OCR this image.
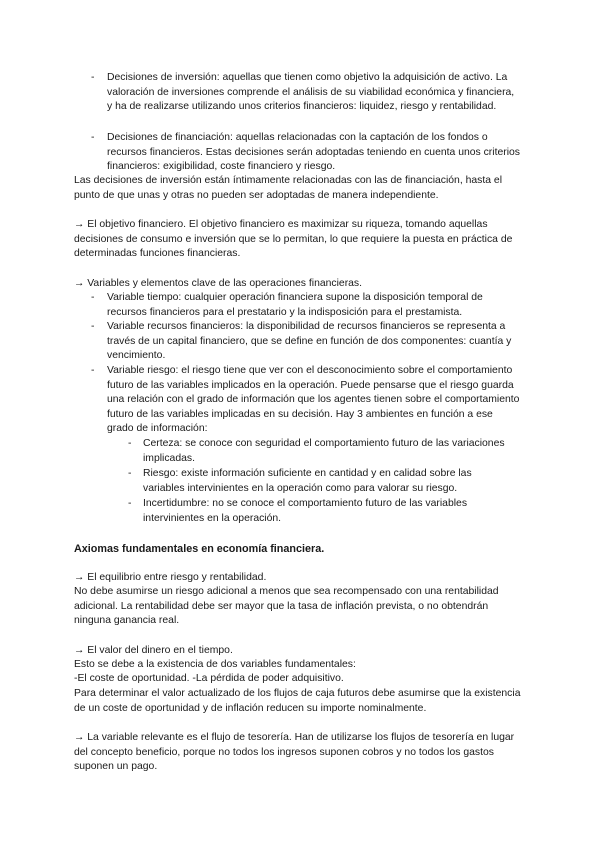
- Decisiones de inversión: aquellas que tienen como objetivo la adquisición de activo. La valoración de inversiones comprende el análisis de su viabilidad económica y financiera, y ha de realizarse utilizando unos criterios financieros: liquidez, riesgo y rentabilidad.

- Decisiones de financiación: aquellas relacionadas con la captación de los fondos o recursos financieros. Estas decisiones serán adoptadas teniendo en cuenta unos criterios financieros: exigibilidad, coste financiero y riesgo.

Las decisiones de inversión están íntimamente relacionadas con las de financiación, hasta el punto de que unas y otras no pueden ser adoptadas de manera independiente.

→ El objetivo financiero. El objetivo financiero es maximizar su riqueza, tomando aquellas decisiones de consumo e inversión que se lo permitan, lo que requiere la puesta en práctica de determinadas funciones financieras.

→ Variables y elementos clave de las operaciones financieras.

- Variable tiempo: cualquier operación financiera supone la disposición temporal de recursos financieros para el prestatario y la indisposición para el prestamista.

- Variable recursos financieros: la disponibilidad de recursos financieros se representa a través de un capital financiero, que se define en función de dos componentes: cuantía y vencimiento.

- Variable riesgo: el riesgo tiene que ver con el desconocimiento sobre el comportamiento futuro de las variables implicados en la operación. Puede pensarse que el riesgo guarda una relación con el grado de información que los agentes tienen sobre el comportamiento futuro de las variables implicadas en su decisión. Hay 3 ambientes en función a ese grado de información:

- Certeza: se conoce con seguridad el comportamiento futuro de las variaciones implicadas.

- Riesgo: existe información suficiente en cantidad y en calidad sobre las variables intervinientes en la operación como para valorar su riesgo.

- Incertidumbre: no se conoce el comportamiento futuro de las variables intervinientes en la operación.

Axiomas fundamentales en economía financiera.

→ El equilibrio entre riesgo y rentabilidad.

No debe asumirse un riesgo adicional a menos que sea recompensado con una rentabilidad adicional. La rentabilidad debe ser mayor que la tasa de inflación prevista, o no obtendrán ninguna ganancia real.

→ El valor del dinero en el tiempo.

Esto se debe a la existencia de dos variables fundamentales:

-El coste de oportunidad. -La pérdida de poder adquisitivo.

Para determinar el valor actualizado de los flujos de caja futuros debe asumirse que la existencia de un coste de oportunidad y de inflación reducen su importe nominalmente.

→ La variable relevante es el flujo de tesorería. Han de utilizarse los flujos de tesorería en lugar del concepto beneficio, porque no todos los ingresos suponen cobros y no todos los gastos suponen un pago.
